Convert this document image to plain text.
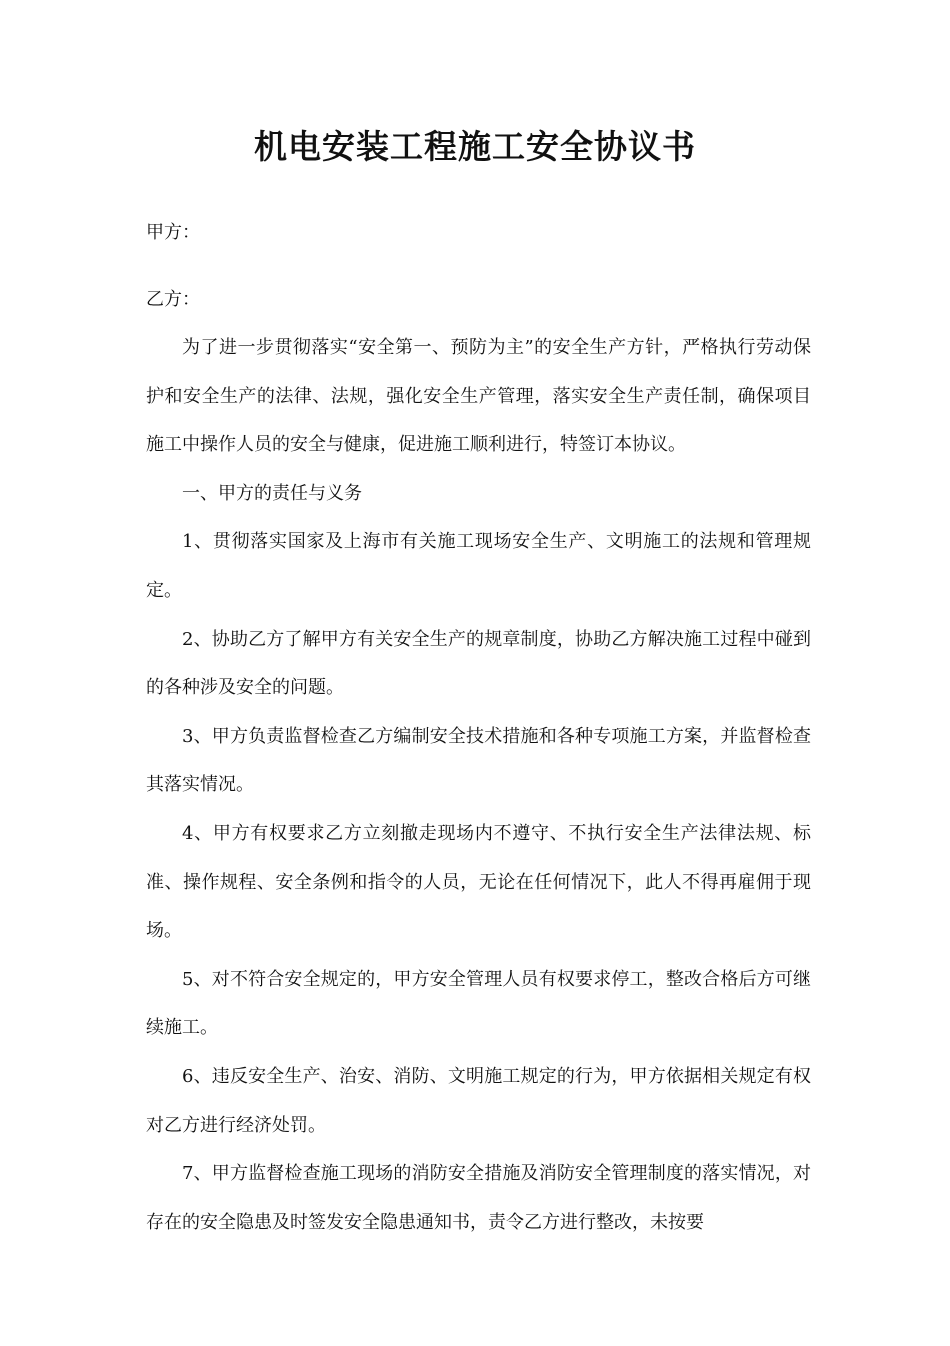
机电安装工程施工安全协议书
甲方：
乙方：

为了进一步贯彻落实“安全第一、预防为主”的安全生产方针，严格执行劳动保护和安全生产的法律、法规，强化安全生产管理，落实安全生产责任制，确保项目施工中操作人员的安全与健康，促进施工顺利进行，特签订本协议。

一、甲方的责任与义务

1、贯彻落实国家及上海市有关施工现场安全生产、文明施工的法规和管理规定。

2、协助乙方了解甲方有关安全生产的规章制度，协助乙方解决施工过程中碰到的各种涉及安全的问题。

3、甲方负责监督检查乙方编制安全技术措施和各种专项施工方案，并监督检查其落实情况。

4、甲方有权要求乙方立刻撤走现场内不遵守、不执行安全生产法律法规、标准、操作规程、安全条例和指令的人员，无论在任何情况下，此人不得再雇佣于现场。

5、对不符合安全规定的，甲方安全管理人员有权要求停工，整改合格后方可继续施工。

6、违反安全生产、治安、消防、文明施工规定的行为，甲方依据相关规定有权对乙方进行经济处罚。

7、甲方监督检查施工现场的消防安全措施及消防安全管理制度的落实情况，对存在的安全隐患及时签发安全隐患通知书，责令乙方进行整改，未按要
